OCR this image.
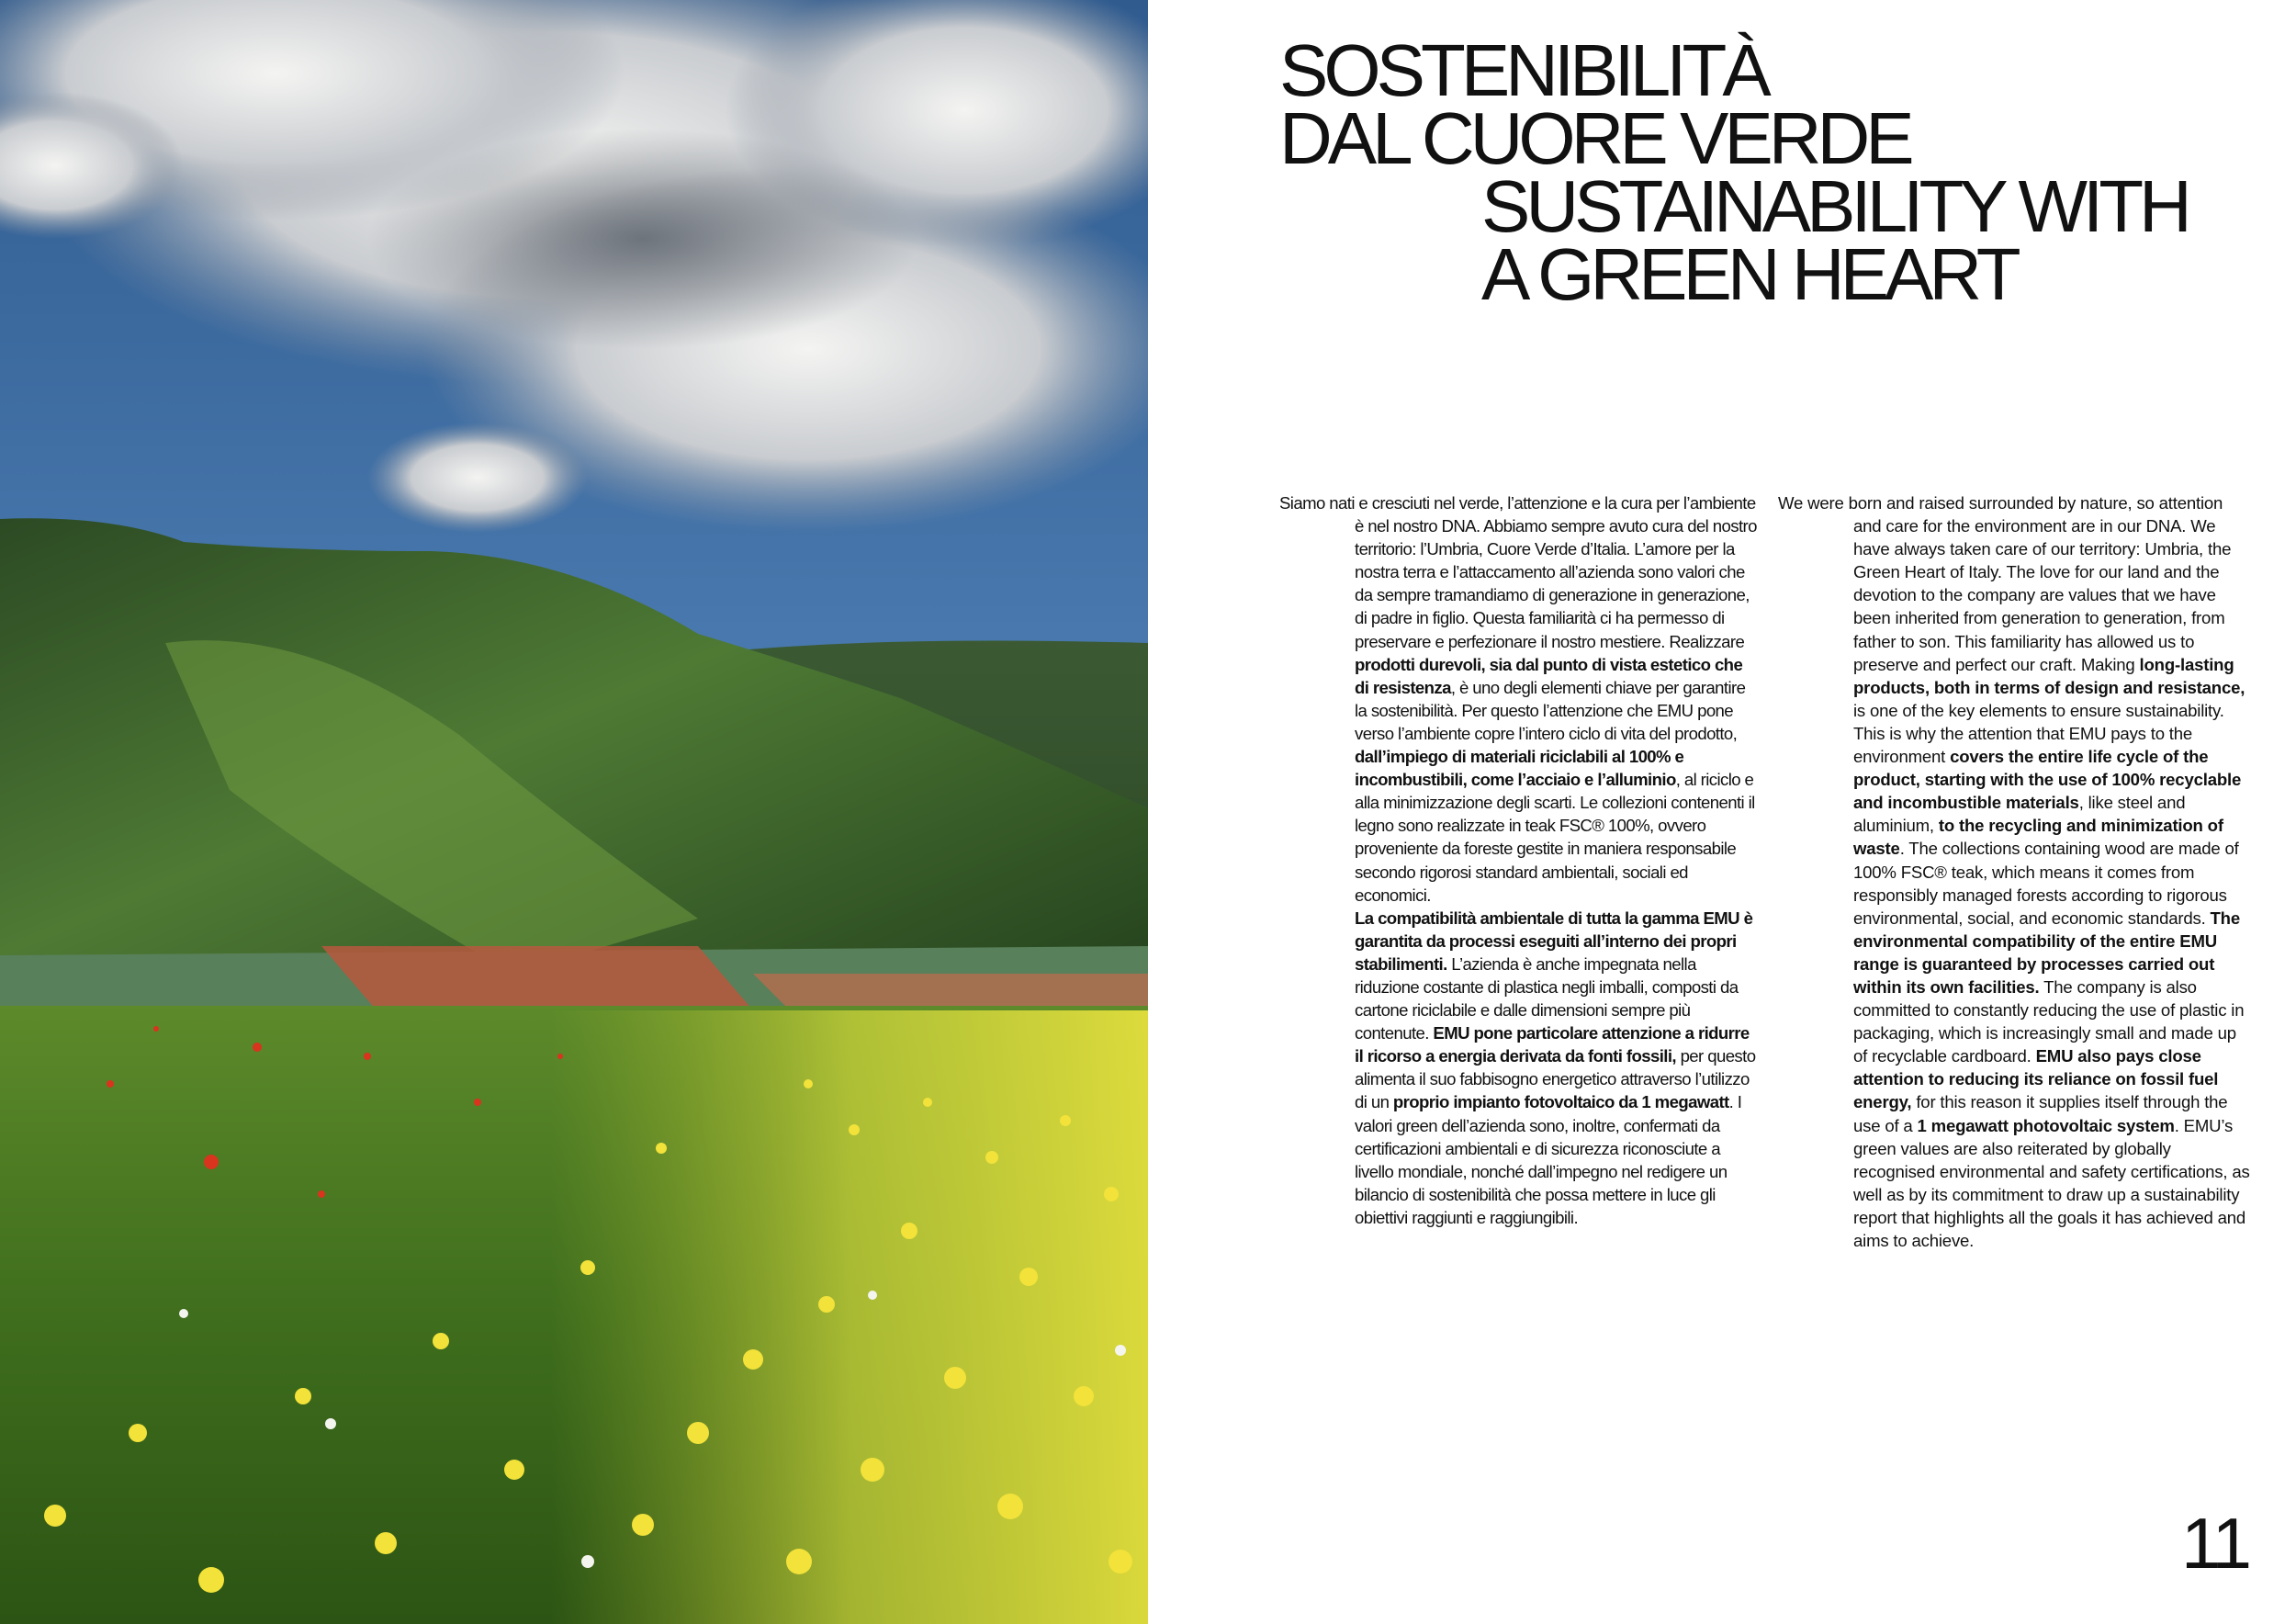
SOSTENIBILITÀ
DAL CUORE VERDE
SUSTAINABILITY WITH
A GREEN HEART

Siamo nati e cresciuti nel verde, l’attenzione e la cura per l’ambiente è nel nostro DNA. Abbiamo sempre avuto cura del nostro territorio: l’Umbria, Cuore Verde d’Italia. L’amore per la nostra terra e l’attaccamento all’azienda sono valori che da sempre tramandiamo di generazione in generazione, di padre in figlio. Questa familiarità ci ha permesso di preservare e perfezionare il nostro mestiere. Realizzare prodotti durevoli, sia dal punto di vista estetico che di resistenza, è uno degli elementi chiave per garantire la sostenibilità. Per questo l’attenzione che EMU pone verso l’ambiente copre l’intero ciclo di vita del prodotto, dall’impiego di materiali riciclabili al 100% e incombustibili, come l’acciaio e l’alluminio, al riciclo e alla minimizzazione degli scarti. Le collezioni contenenti il legno sono realizzate in teak FSC® 100%, ovvero proveniente da foreste gestite in maniera responsabile secondo rigorosi standard ambientali, sociali ed economici.
La compatibilità ambientale di tutta la gamma EMU è garantita da processi eseguiti all’interno dei propri stabilimenti. L’azienda è anche impegnata nella riduzione costante di plastica negli imballi, composti da cartone riciclabile e dalle dimensioni sempre più contenute. EMU pone particolare attenzione a ridurre il ricorso a energia derivata da fonti fossili, per questo alimenta il suo fabbisogno energetico attraverso l’utilizzo di un proprio impianto fotovoltaico da 1 megawatt. I valori green dell’azienda sono, inoltre, confermati da certificazioni ambientali e di sicurezza riconosciute a livello mondiale, nonché dall’impegno nel redigere un bilancio di sostenibilità che possa mettere in luce gli obiettivi raggiunti e raggiungibili.

We were born and raised surrounded by nature, so attention and care for the environment are in our DNA. We have always taken care of our territory: Umbria, the Green Heart of Italy. The love for our land and the devotion to the company are values that we have been inherited from generation to generation, from father to son. This familiarity has allowed us to preserve and perfect our craft. Making long-lasting products, both in terms of design and resistance, is one of the key elements to ensure sustainability. This is why the attention that EMU pays to the environment covers the entire life cycle of the product, starting with the use of 100% recyclable and incombustible materials, like steel and aluminium, to the recycling and minimization of waste. The collections containing wood are made of 100% FSC® teak, which means it comes from responsibly managed forests according to rigorous environmental, social, and economic standards. The environmental compatibility of the entire EMU range is guaranteed by processes carried out within its own facilities. The company is also committed to constantly reducing the use of plastic in packaging, which is increasingly small and made up of recyclable cardboard. EMU also pays close attention to reducing its reliance on fossil fuel energy, for this reason it supplies itself through the use of a 1 megawatt photovoltaic system. EMU’s green values are also reiterated by globally recognised environmental and safety certifications, as well as by its commitment to draw up a sustainability report that highlights all the goals it has achieved and aims to achieve.

11
